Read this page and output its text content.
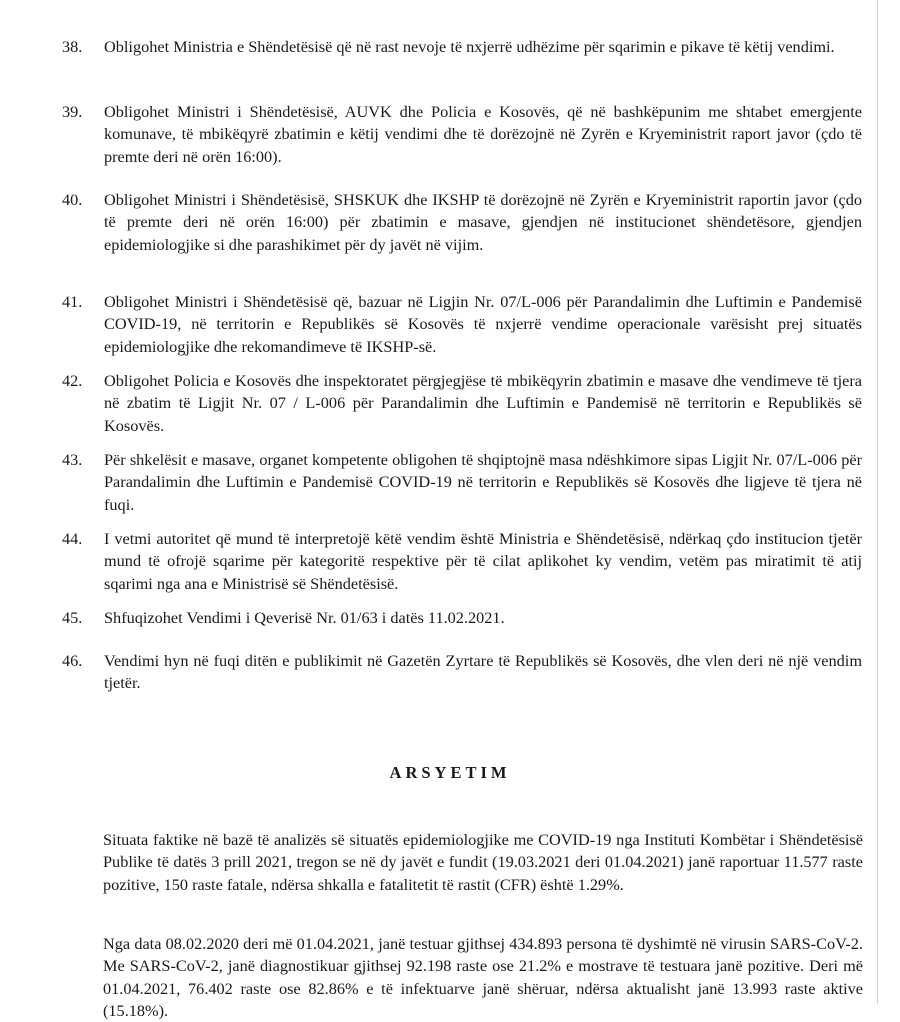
38.	Obligohet Ministria e Shëndetësisë që në rast nevoje të nxjerrë udhëzime për sqarimin e pikave të këtij vendimi.
39.	Obligohet Ministri i Shëndetësisë, AUVK dhe Policia e Kosovës, që në bashkëpunim me shtabet emergjente komunave, të mbikëqyrë zbatimin e këtij vendimi dhe të dorëzojnë në Zyrën e Kryeministrit raport javor (çdo të premte deri në orën 16:00).
40.	Obligohet Ministri i Shëndetësisë, SHSKUK dhe IKSHP të dorëzojnë në Zyrën e Kryeministrit raportin javor (çdo të premte deri në orën 16:00) për zbatimin e masave, gjendjen në institucionet shëndetësore, gjendjen epidemiologjike si dhe parashikimet për dy javët në vijim.
41.	Obligohet Ministri i Shëndetësisë që, bazuar në Ligjin Nr. 07/L-006 për Parandalimin dhe Luftimin e Pandemisë COVID-19, në territorin e Republikës së Kosovës të nxjerrë vendime operacionale varësisht prej situatës epidemiologjike dhe rekomandimeve të IKSHP-së.
42.	Obligohet Policia e Kosovës dhe inspektoratet përgjegjëse të mbikëqyrin zbatimin e masave dhe vendimeve të tjera në zbatim të Ligjit Nr. 07 / L-006 për Parandalimin dhe Luftimin e Pandemisë në territorin e Republikës së Kosovës.
43.	Për shkelësit e masave, organet kompetente obligohen të shqiptojnë masa ndëshkimore sipas Ligjit Nr. 07/L-006 për Parandalimin dhe Luftimin e Pandemisë COVID-19 në territorin e Republikës së Kosovës dhe ligjeve të tjera në fuqi.
44.	I vetmi autoritet që mund të interpretojë këtë vendim është Ministria e Shëndetësisë, ndërkaq çdo institucion tjetër mund të ofrojë sqarime për kategoritë respektive për të cilat aplikohet ky vendim, vetëm pas miratimit të atij sqarimi nga ana e Ministrisë së Shëndetësisë.
45.	Shfuqizohet Vendimi i Qeverisë Nr. 01/63 i datës 11.02.2021.
46.	Vendimi hyn në fuqi ditën e publikimit në Gazetën Zyrtare të Republikës së Kosovës, dhe vlen deri në një vendim tjetër.
ARSYETIM
Situata faktike në bazë të analizës së situatës epidemiologjike me COVID-19 nga Instituti Kombëtar i Shëndetësisë Publike të datës 3 prill 2021, tregon se në dy javët e fundit (19.03.2021 deri 01.04.2021) janë raportuar 11.577 raste pozitive, 150 raste fatale, ndërsa shkalla e fatalitetit të rastit (CFR) është 1.29%.
Nga data 08.02.2020 deri më 01.04.2021, janë testuar gjithsej 434.893 persona të dyshimtë në virusin SARS-CoV-2. Me SARS-CoV-2, janë diagnostikuar gjithsej 92.198 raste ose 21.2% e mostrave të testuara janë pozitive. Deri më 01.04.2021, 76.402 raste ose 82.86% e të infektuarve janë shëruar, ndërsa aktualisht janë 13.993 raste aktive (15.18%).
